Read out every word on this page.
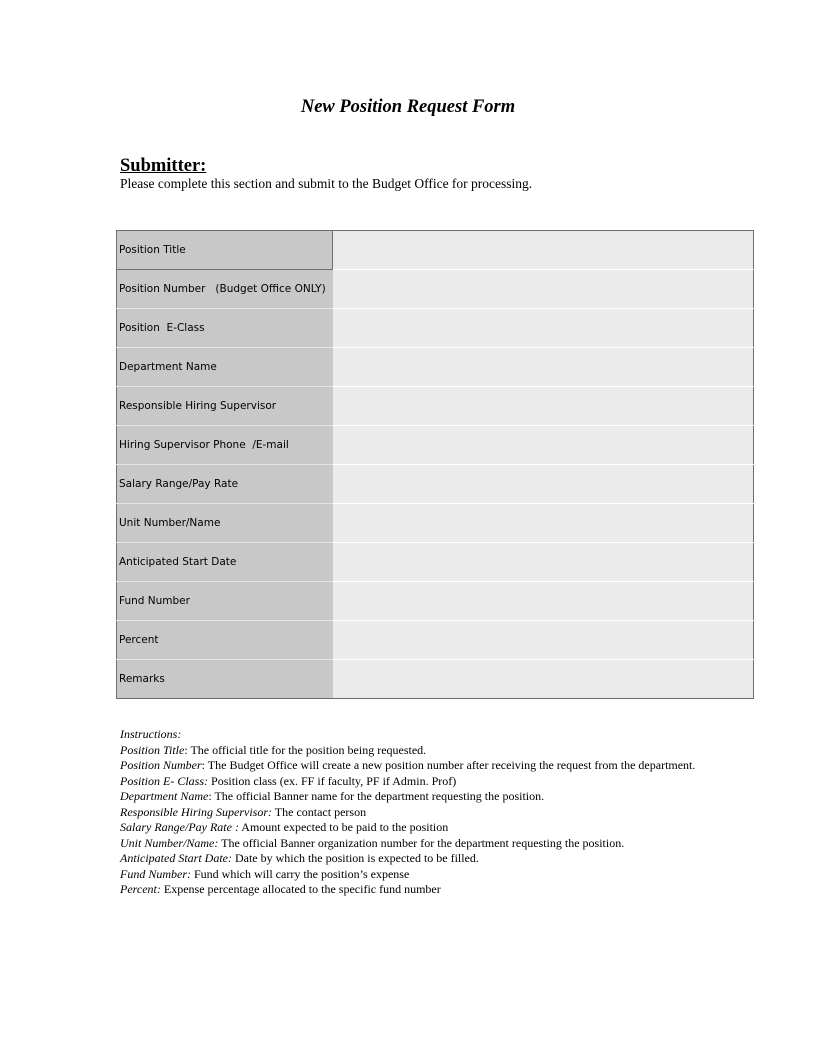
New Position Request Form
Submitter:
Please complete this section and submit to the Budget Office for processing.
Position Title	
Position Number   (Budget Office ONLY)	
Position  E-Class	
Department Name	
Responsible Hiring Supervisor	
Hiring Supervisor Phone  /E-mail	
Salary Range/Pay Rate	
Unit Number/Name	
Anticipated Start Date	
Fund Number	
Percent	
Remarks	

Instructions:

Position Title: The official title for the position being requested.

Position Number: The Budget Office will create a new position number after receiving the request from the department.

Position E- Class: Position class (ex. FF if faculty, PF if Admin. Prof)

Department Name: The official Banner name for the department requesting the position.

Responsible Hiring Supervisor: The contact person

Salary Range/Pay Rate : Amount expected to be paid to the position

Unit Number/Name: The official Banner organization number for the department requesting the position.

Anticipated Start Date: Date by which the position is expected to be filled.

Fund Number: Fund which will carry the position’s expense

Percent: Expense percentage allocated to the specific fund number
